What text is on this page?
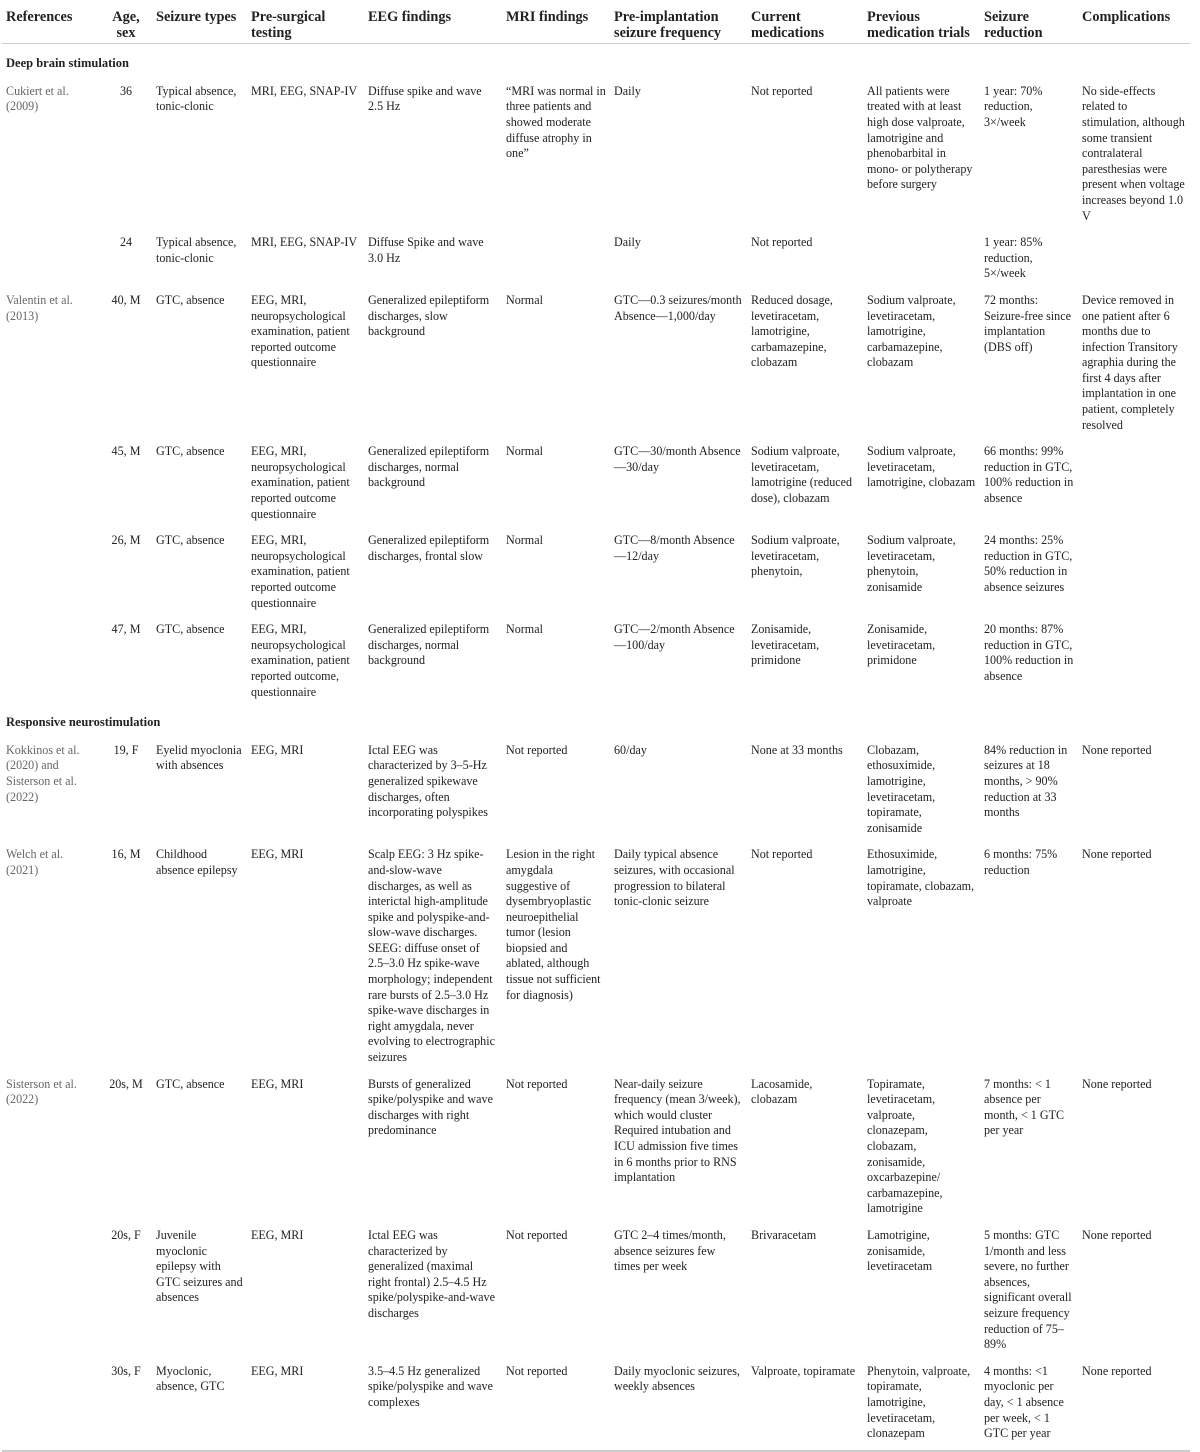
References	Age, sex	Seizure types	Pre-surgical testing	EEG findings	MRI findings	Pre-implantation seizure frequency	Current medications	Previous medication trials	Seizure reduction	Complications
Deep brain stimulation										
Cukiert et al. (2009)	36	Typical absence, tonic-clonic	MRI, EEG, SNAP-IV	Diffuse spike and wave 2.5 Hz	“MRI was normal in three patients and showed moderate diffuse atrophy in one”	Daily	Not reported	All patients were treated with at least high dose valproate, lamotrigine and phenobarbital in mono- or polytherapy before surgery	1 year: 70% reduction, 3×/week	No side-effects related to stimulation, although some transient contralateral paresthesias were present when voltage increases beyond 1.0 V
	24	Typical absence, tonic-clonic	MRI, EEG, SNAP-IV	Diffuse Spike and wave 3.0 Hz		Daily	Not reported		1 year: 85% reduction, 5×/week	
Valentin et al. (2013)	40, M	GTC, absence	EEG, MRI, neuropsychological examination, patient reported outcome questionnaire	Generalized epileptiform discharges, slow background	Normal	GTC—0.3 seizures/month Absence—1,000/day	Reduced dosage, levetiracetam, lamotrigine, carbamazepine, clobazam	Sodium valproate, levetiracetam, lamotrigine, carbamazepine, clobazam	72 months: Seizure-free since implantation (DBS off)	Device removed in one patient after 6 months due to infection Transitory agraphia during the first 4 days after implantation in one patient, completely resolved
	45, M	GTC, absence	EEG, MRI, neuropsychological examination, patient reported outcome questionnaire	Generalized epileptiform discharges, normal background	Normal	GTC—30/month Absence—30/day	Sodium valproate, levetiracetam, lamotrigine (reduced dose), clobazam	Sodium valproate, levetiracetam, lamotrigine, clobazam	66 months: 99% reduction in GTC, 100% reduction in absence	
	26, M	GTC, absence	EEG, MRI, neuropsychological examination, patient reported outcome questionnaire	Generalized epileptiform discharges, frontal slow	Normal	GTC—8/month Absence—12/day	Sodium valproate, levetiracetam, phenytoin,	Sodium valproate, levetiracetam, phenytoin, zonisamide	24 months: 25% reduction in GTC, 50% reduction in absence seizures	
	47, M	GTC, absence	EEG, MRI, neuropsychological examination, patient reported outcome, questionnaire	Generalized epileptiform discharges, normal background	Normal	GTC—2/month Absence—100/day	Zonisamide, levetiracetam, primidone	Zonisamide, levetiracetam, primidone	20 months: 87% reduction in GTC, 100% reduction in absence	
Responsive neurostimulation										
Kokkinos et al. (2020) and Sisterson et al. (2022)	19, F	Eyelid myoclonia with absences	EEG, MRI	Ictal EEG was characterized by 3–5-Hz generalized spikewave discharges, often incorporating polyspikes	Not reported	60/day	None at 33 months	Clobazam, ethosuximide, lamotrigine, levetiracetam, topiramate, zonisamide	84% reduction in seizures at 18 months, > 90% reduction at 33 months	None reported
Welch et al. (2021)	16, M	Childhood absence epilepsy	EEG, MRI	Scalp EEG: 3 Hz spike-and-slow-wave discharges, as well as interictal high-amplitude spike and polyspike-and-slow-wave discharges. SEEG: diffuse onset of 2.5–3.0 Hz spike-wave morphology; independent rare bursts of 2.5–3.0 Hz spike-wave discharges in right amygdala, never evolving to electrographic seizures	Lesion in the right amygdala suggestive of dysembryoplastic neuroepithelial tumor (lesion biopsied and ablated, although tissue not sufficient for diagnosis)	Daily typical absence seizures, with occasional progression to bilateral tonic-clonic seizure	Not reported	Ethosuximide, lamotrigine, topiramate, clobazam, valproate	6 months: 75% reduction	None reported
Sisterson et al. (2022)	20s, M	GTC, absence	EEG, MRI	Bursts of generalized spike/polyspike and wave discharges with right predominance	Not reported	Near-daily seizure frequency (mean 3/week), which would cluster Required intubation and ICU admission five times in 6 months prior to RNS implantation	Lacosamide, clobazam	Topiramate, levetiracetam, valproate, clonazepam, clobazam, zonisamide, oxcarbazepine/ carbamazepine, lamotrigine	7 months: < 1 absence per month, < 1 GTC per year	None reported
	20s, F	Juvenile myoclonic epilepsy with GTC seizures and absences	EEG, MRI	Ictal EEG was characterized by generalized (maximal right frontal) 2.5–4.5 Hz spike/polyspike-and-wave discharges	Not reported	GTC 2–4 times/month, absence seizures few times per week	Brivaracetam	Lamotrigine, zonisamide, levetiracetam	5 months: GTC 1/month and less severe, no further absences, significant overall seizure frequency reduction of 75–89%	None reported
	30s, F	Myoclonic, absence, GTC	EEG, MRI	3.5–4.5 Hz generalized spike/polyspike and wave complexes	Not reported	Daily myoclonic seizures, weekly absences	Valproate, topiramate	Phenytoin, valproate, topiramate, lamotrigine, levetiracetam, clonazepam	4 months: <1 myoclonic per day, < 1 absence per week, < 1 GTC per year	None reported
